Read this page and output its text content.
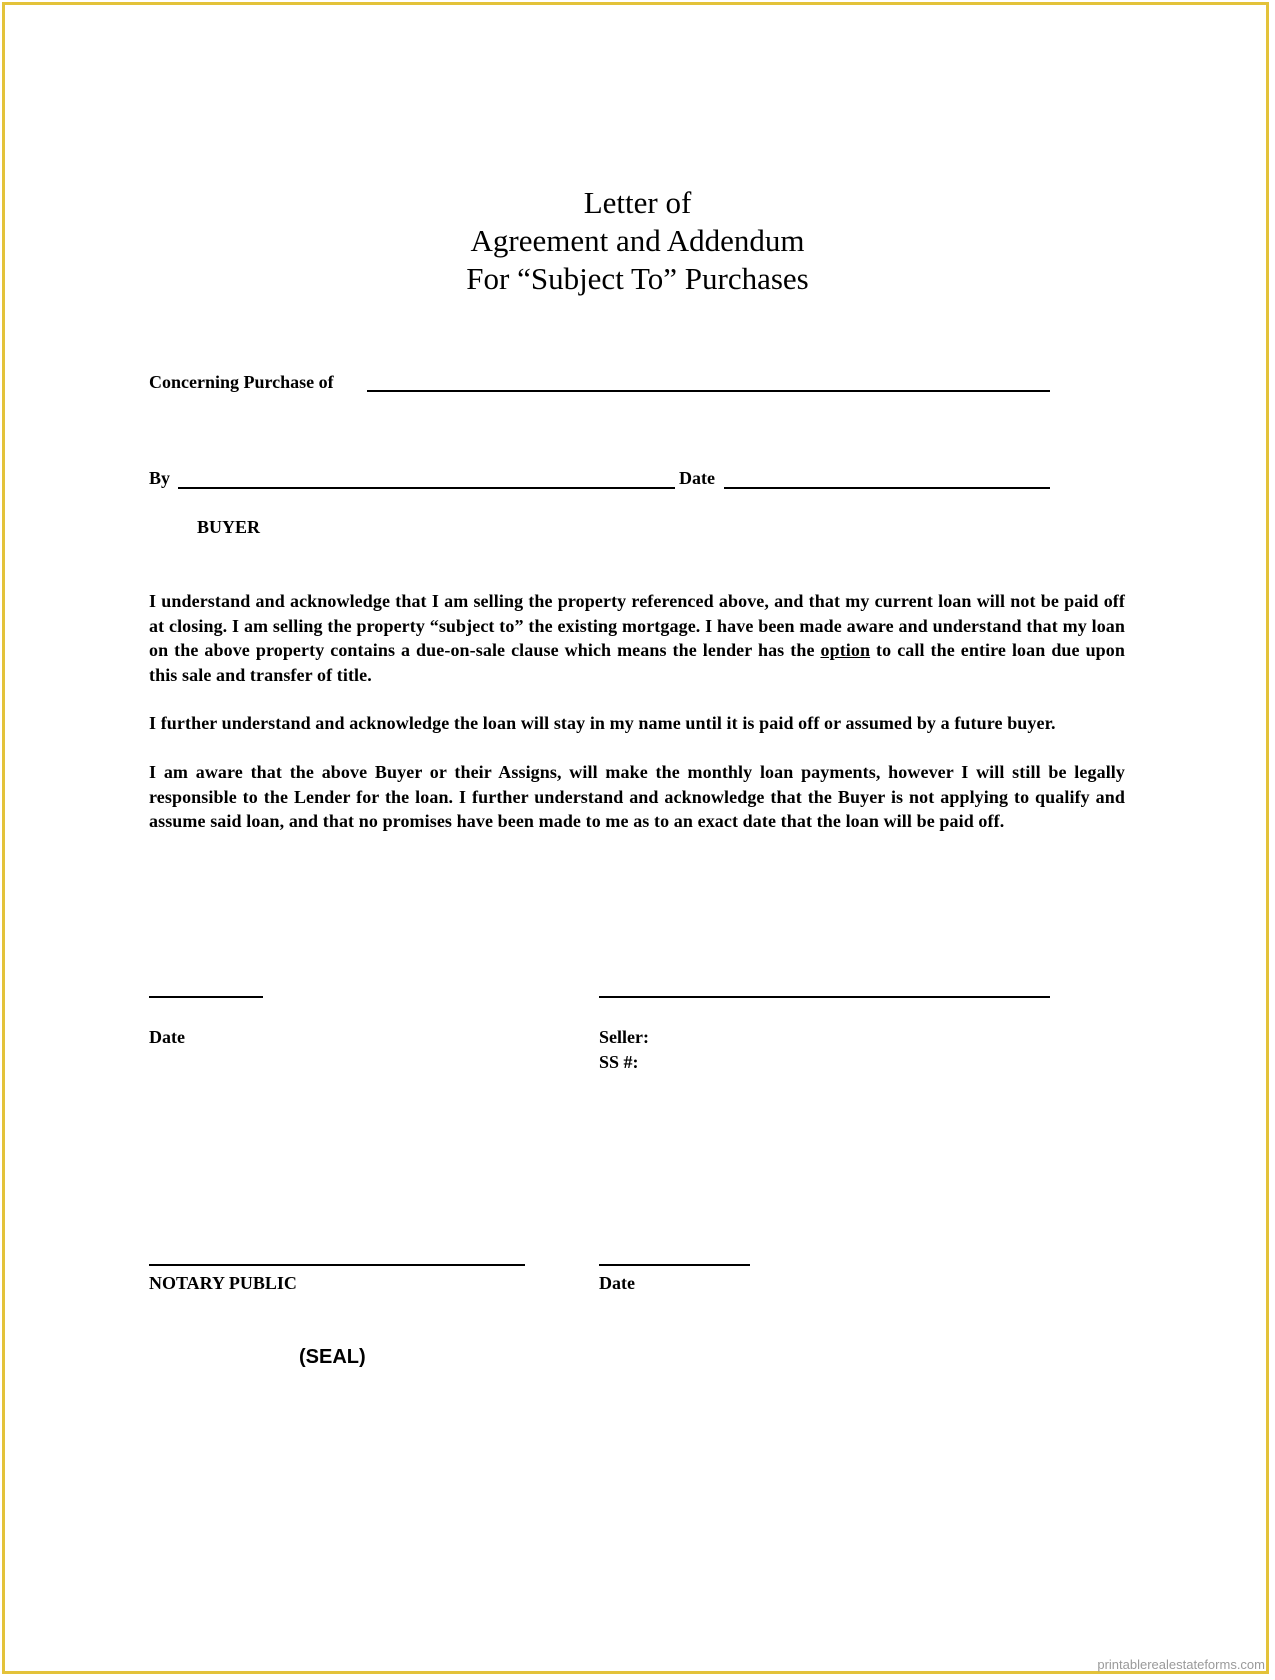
Letter of
Agreement and Addendum
For “Subject To” Purchases
Concerning Purchase of
By	Date
BUYER
I understand and acknowledge that I am selling the property referenced above, and that my current loan will not be paid off at closing. I am selling the property “subject to” the existing mortgage. I have been made aware and understand that my loan on the above property contains a due-on-sale clause which means the lender has the option to call the entire loan due upon this sale and transfer of title.
I further understand and acknowledge the loan will stay in my name until it is paid off or assumed by a future buyer.
I am aware that the above Buyer or their Assigns, will make the monthly loan payments, however I will still be legally responsible to the Lender for the loan. I further understand and acknowledge that the Buyer is not applying to qualify and assume said loan, and that no promises have been made to me as to an exact date that the loan will be paid off.
Date	Seller:
SS #:
NOTARY PUBLIC	Date
(SEAL)
printablerealestateforms.com
